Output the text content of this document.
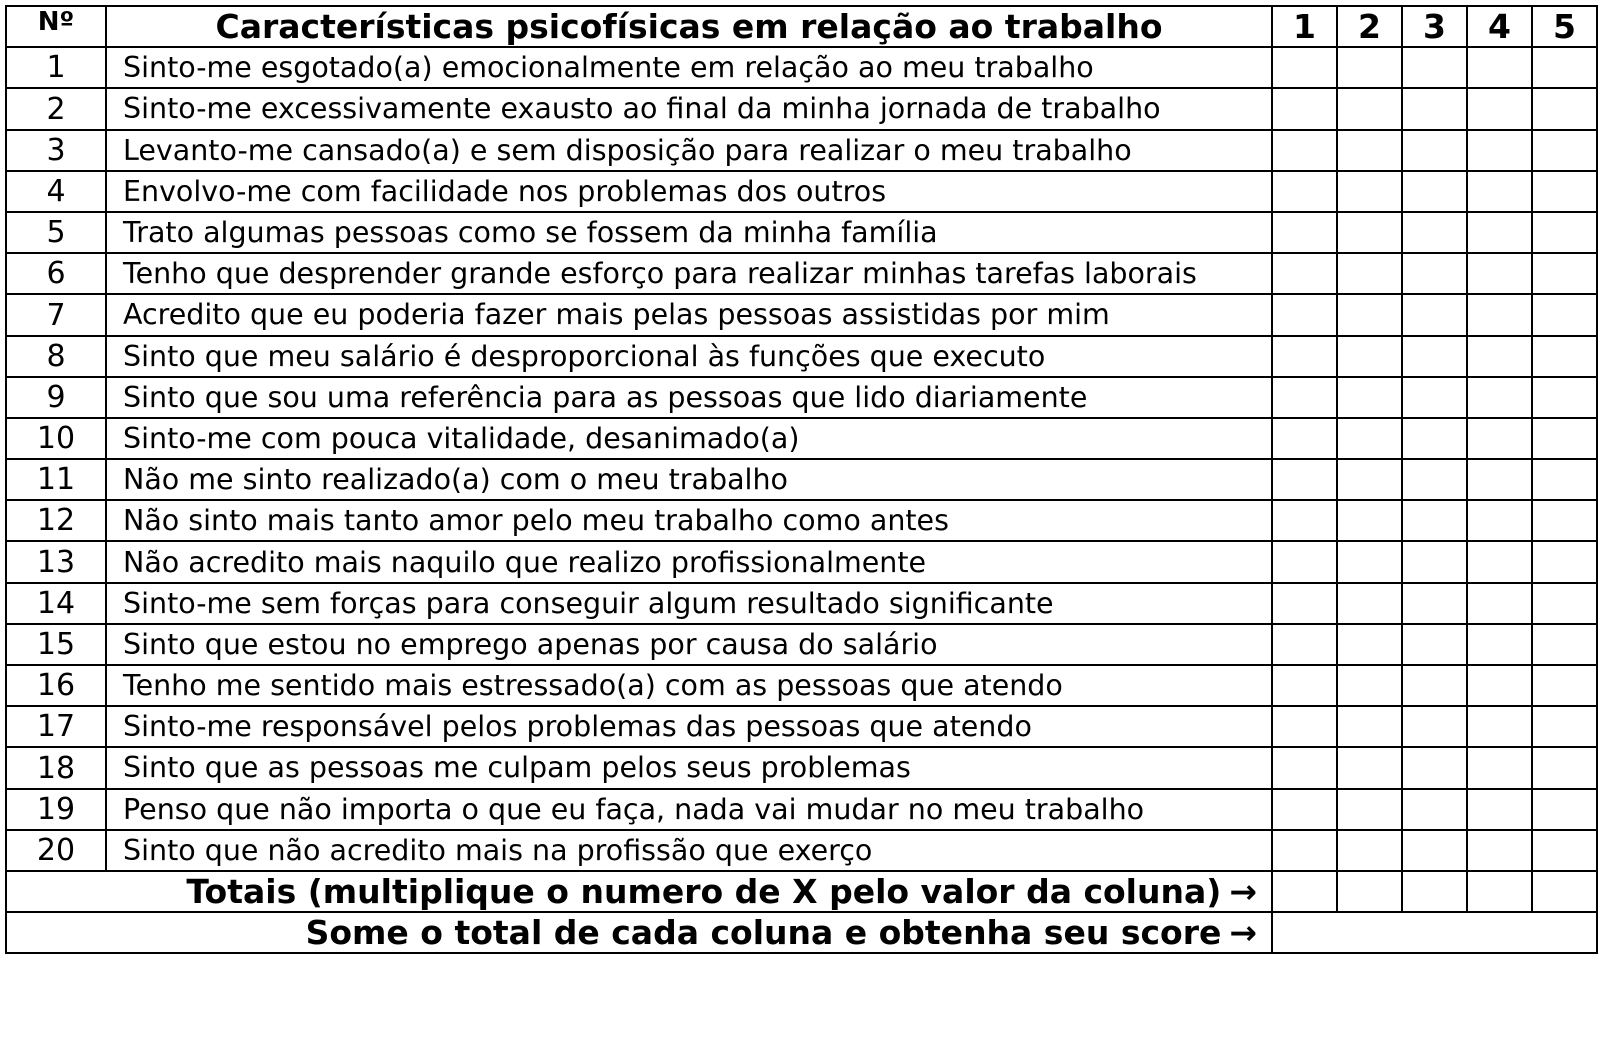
Nº	Características psicofísicas em relação ao trabalho	1	2	3	4	5
1	Sinto-me esgotado(a) emocionalmente em relação ao meu trabalho					
2	Sinto-me excessivamente exausto ao final da minha jornada de trabalho					
3	Levanto-me cansado(a) e sem disposição para realizar o meu trabalho					
4	Envolvo-me com facilidade nos problemas dos outros					
5	Trato algumas pessoas como se fossem da minha família					
6	Tenho que desprender grande esforço para realizar minhas tarefas laborais					
7	Acredito que eu poderia fazer mais pelas pessoas assistidas por mim					
8	Sinto que meu salário é desproporcional às funções que executo					
9	Sinto que sou uma referência para as pessoas que lido diariamente					
10	Sinto-me com pouca vitalidade, desanimado(a)					
11	Não me sinto realizado(a) com o meu trabalho					
12	Não sinto mais tanto amor pelo meu trabalho como antes					
13	Não acredito mais naquilo que realizo profissionalmente					
14	Sinto-me sem forças para conseguir algum resultado significante					
15	Sinto que estou no emprego apenas por causa do salário					
16	Tenho me sentido mais estressado(a) com as pessoas que atendo					
17	Sinto-me responsável pelos problemas das pessoas que atendo					
18	Sinto que as pessoas me culpam pelos seus problemas					
19	Penso que não importa o que eu faça, nada vai mudar no meu trabalho					
20	Sinto que não acredito mais na profissão que exerço					
Totais (multiplique o numero de X pelo valor da coluna) →						
Some o total de cada coluna e obtenha seu score →						
